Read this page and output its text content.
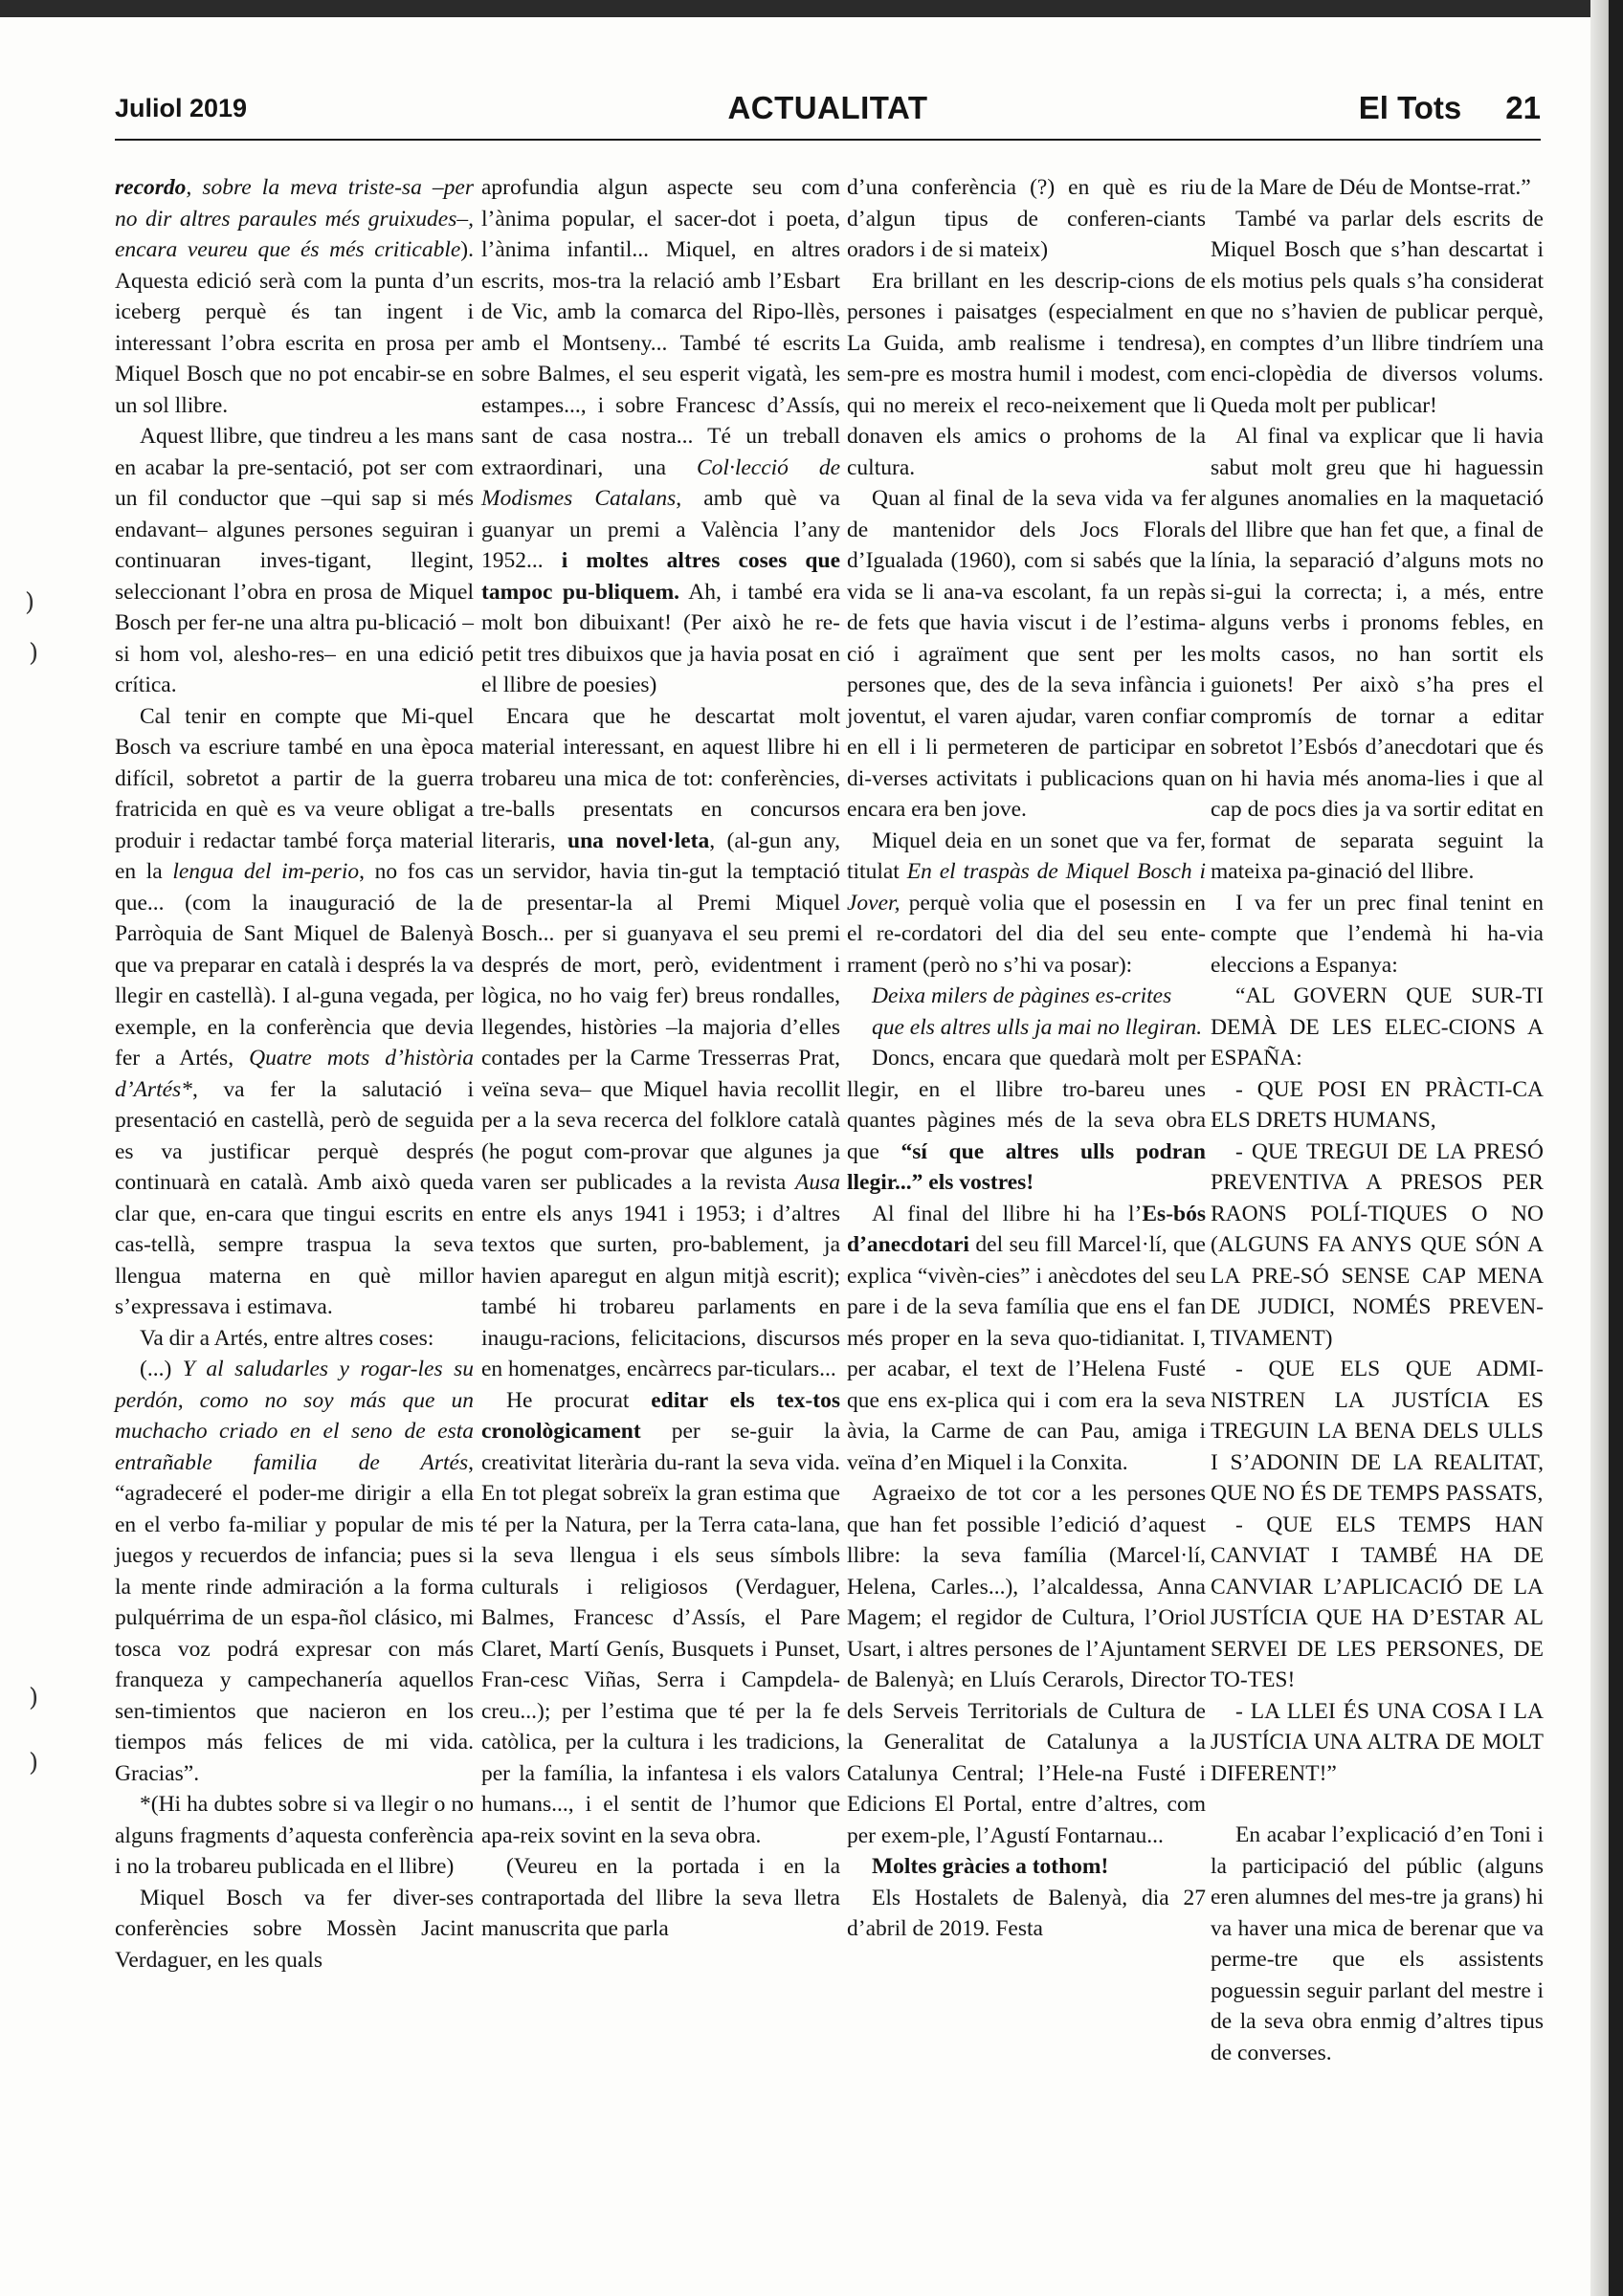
Juliol 2019	ACTUALITAT	El Tots 21
)
)
)
)

recordo, sobre la meva triste-sa –per no dir altres paraules més gruixudes–, encara veureu que és més criticable). Aquesta edició serà com la punta d’un iceberg perquè és tan ingent i interessant l’obra escrita en prosa per Miquel Bosch que no pot encabir-se en un sol llibre.

Aquest llibre, que tindreu a les mans en acabar la pre-sentació, pot ser com un fil conductor que –qui sap si més endavant– algunes persones seguiran i continuaran inves-tigant, llegint, seleccionant l’obra en prosa de Miquel Bosch per fer-ne una altra pu-blicació –si hom vol, alesho-res– en una edició crítica.

Cal tenir en compte que Mi-quel Bosch va escriure també en una època difícil, sobretot a partir de la guerra fratricida en què es va veure obligat a produir i redactar també força material en la lengua del im-perio, no fos cas que... (com la inauguració de la Parròquia de Sant Miquel de Balenyà que va preparar en català i després la va llegir en castellà). I al-guna vegada, per exemple, en la conferència que devia fer a Artés, Quatre mots d’història d’Artés*, va fer la salutació i presentació en castellà, però de seguida es va justificar perquè després continuarà en català. Amb això queda clar que, en-cara que tingui escrits en cas-tellà, sempre traspua la seva llengua materna en què millor s’expressava i estimava.

Va dir a Artés, entre altres coses:

(...) Y al saludarles y rogar-les su perdón, como no soy más que un muchacho criado en el seno de esta entrañable familia de Artés, “agradeceré el poder-me dirigir a ella en el verbo fa-miliar y popular de mis juegos y recuerdos de infancia; pues si la mente rinde admiración a la forma pulquérrima de un espa-ñol clásico, mi tosca voz podrá expresar con más franqueza y campechanería aquellos sen-timientos que nacieron en los tiempos más felices de mi vida. Gracias”.

*(Hi ha dubtes sobre si va llegir o no alguns fragments d’aquesta conferència i no la trobareu publicada en el llibre)

Miquel Bosch va fer diver-ses conferències sobre Mossèn Jacint Verdaguer, en les quals

aprofundia algun aspecte seu com l’ànima popular, el sacer-dot i poeta, l’ànima infantil... Miquel, en altres escrits, mos-tra la relació amb l’Esbart de Vic, amb la comarca del Ripo-llès, amb el Montseny... També té escrits sobre Balmes, el seu esperit vigatà, les estampes..., i sobre Francesc d’Assís, sant de casa nostra... Té un treball extraordinari, una Col·lecció de Modismes Catalans, amb què va guanyar un premi a València l’any 1952... i moltes altres coses que tampoc pu-bliquem. Ah, i també era molt bon dibuixant! (Per això he re-petit tres dibuixos que ja havia posat en el llibre de poesies)

Encara que he descartat molt material interessant, en aquest llibre hi trobareu una mica de tot: conferències, tre-balls presentats en concursos literaris, una novel·leta, (al-gun any, un servidor, havia tin-gut la temptació de presentar-la al Premi Miquel Bosch... per si guanyava el seu premi després de mort, però, evidentment i lògica, no ho vaig fer) breus rondalles, llegendes, històries –la majoria d’elles contades per la Carme Tresserras Prat, veïna seva– que Miquel havia recollit per a la seva recerca del folklore català (he pogut com-provar que algunes ja varen ser publicades a la revista Ausa entre els anys 1941 i 1953; i d’altres textos que surten, pro-bablement, ja havien aparegut en algun mitjà escrit); també hi trobareu parlaments en inaugu-racions, felicitacions, discursos en homenatges, encàrrecs par-ticulars...

He procurat editar els tex-tos cronològicament per se-guir la creativitat literària du-rant la seva vida. En tot plegat sobreïx la gran estima que té per la Natura, per la Terra cata-lana, la seva llengua i els seus símbols culturals i religiosos (Verdaguer, Balmes, Francesc d’Assís, el Pare Claret, Martí Genís, Busquets i Punset, Fran-cesc Viñas, Serra i Campdela-creu...); per l’estima que té per la fe catòlica, per la cultura i les tradicions, per la família, la infantesa i els valors humans..., i el sentit de l’humor que apa-reix sovint en la seva obra.

(Veureu en la portada i en la contraportada del llibre la seva lletra manuscrita que parla

d’una conferència (?) en què es riu d’algun tipus de conferen-ciants oradors i de si mateix)

Era brillant en les descrip-cions de persones i paisatges (especialment en La Guida, amb realisme i tendresa), sem-pre es mostra humil i modest, com qui no mereix el reco-neixement que li donaven els amics o prohoms de la cultura.

Quan al final de la seva vida va fer de mantenidor dels Jocs Florals d’Igualada (1960), com si sabés que la vida se li ana-va escolant, fa un repàs de fets que havia viscut i de l’estima-ció i agraïment que sent per les persones que, des de la seva infància i joventut, el varen ajudar, varen confiar en ell i li permeteren de participar en di-verses activitats i publicacions quan encara era ben jove.

Miquel deia en un sonet que va fer, titulat En el traspàs de Miquel Bosch i Jover, perquè volia que el posessin en el re-cordatori del dia del seu ente-rrament (però no s’hi va posar):

Deixa milers de pàgines es-crites

que els altres ulls ja mai no llegiran.

Doncs, encara que quedarà molt per llegir, en el llibre tro-bareu unes quantes pàgines més de la seva obra que “sí que altres ulls podran llegir...” els vostres!

Al final del llibre hi ha l’Es-bós d’anecdotari del seu fill Marcel·lí, que explica “vivèn-cies” i anècdotes del seu pare i de la seva família que ens el fan més proper en la seva quo-tidianitat. I, per acabar, el text de l’Helena Fusté que ens ex-plica qui i com era la seva àvia, la Carme de can Pau, amiga i veïna d’en Miquel i la Conxita.

Agraeixo de tot cor a les persones que han fet possible l’edició d’aquest llibre: la seva família (Marcel·lí, Helena, Carles...), l’alcaldessa, Anna Magem; el regidor de Cultura, l’Oriol Usart, i altres persones de l’Ajuntament de Balenyà; en Lluís Cerarols, Director dels Serveis Territorials de Cultura de la Generalitat de Catalunya a la Catalunya Central; l’Hele-na Fusté i Edicions El Portal, entre d’altres, com per exem-ple, l’Agustí Fontarnau...

Moltes gràcies a tothom!

Els Hostalets de Balenyà, dia 27 d’abril de 2019. Festa

de la Mare de Déu de Montse-rrat.”

També va parlar dels escrits de Miquel Bosch que s’han descartat i els motius pels quals s’ha considerat que no s’havien de publicar perquè, en comptes d’un llibre tindríem una enci-clopèdia de diversos volums. Queda molt per publicar!

Al final va explicar que li havia sabut molt greu que hi haguessin algunes anomalies en la maquetació del llibre que han fet que, a final de línia, la separació d’alguns mots no si-gui la correcta; i, a més, entre alguns verbs i pronoms febles, en molts casos, no han sortit els guionets! Per això s’ha pres el compromís de tornar a editar sobretot l’Esbós d’anecdotari que és on hi havia més anoma-lies i que al cap de pocs dies ja va sortir editat en format de separata seguint la mateixa pa-ginació del llibre.

I va fer un prec final tenint en compte que l’endemà hi ha-via eleccions a Espanya:

“AL GOVERN QUE SUR-TI DEMÀ DE LES ELEC-CIONS A ESPAÑA:

- QUE POSI EN PRÀCTI-CA ELS DRETS HUMANS,

- QUE TREGUI DE LA PRESÓ PREVENTIVA A PRESOS PER RAONS POLÍ-TIQUES O NO (ALGUNS FA ANYS QUE SÓN A LA PRE-SÓ SENSE CAP MENA DE JUDICI, NOMÉS PREVEN-TIVAMENT)

- QUE ELS QUE ADMI-NISTREN LA JUSTÍCIA ES TREGUIN LA BENA DELS ULLS I S’ADONIN DE LA REALITAT, QUE NO ÉS DE TEMPS PASSATS,

- QUE ELS TEMPS HAN CANVIAT I TAMBÉ HA DE CANVIAR L’APLICACIÓ DE LA JUSTÍCIA QUE HA D’ESTAR AL SERVEI DE LES PERSONES, DE TO-TES!

- LA LLEI ÉS UNA COSA I LA JUSTÍCIA UNA ALTRA DE MOLT DIFERENT!”

En acabar l’explicació d’en Toni i la participació del públic (alguns eren alumnes del mes-tre ja grans) hi va haver una mica de berenar que va perme-tre que els assistents poguessin seguir parlant del mestre i de la seva obra enmig d’altres tipus de converses.
